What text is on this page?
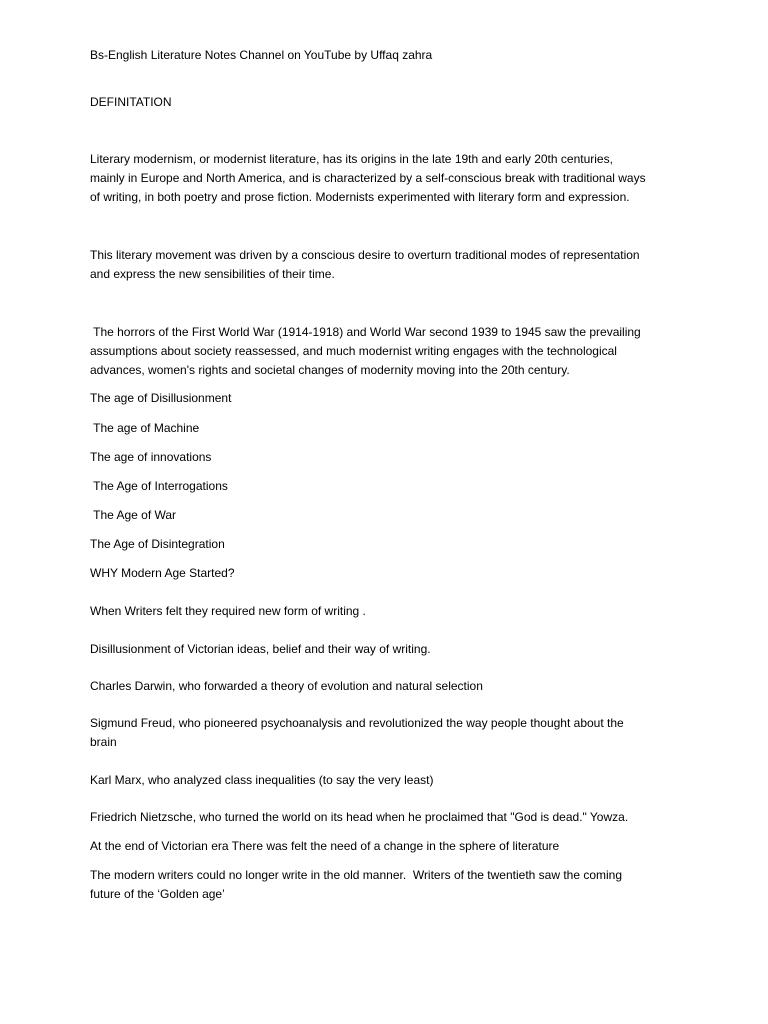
Bs-English Literature Notes Channel on YouTube by Uffaq zahra

DEFINITATION

Literary modernism, or modernist literature, has its origins in the late 19th and early 20th centuries,
mainly in Europe and North America, and is characterized by a self-conscious break with traditional ways
of writing, in both poetry and prose fiction. Modernists experimented with literary form and expression.
This literary movement was driven by a conscious desire to overturn traditional modes of representation
and express the new sensibilities of their time.
The horrors of the First World War (1914-1918) and World War second 1939 to 1945 saw the prevailing
assumptions about society reassessed, and much modernist writing engages with the technological
advances, women's rights and societal changes of modernity moving into the 20th century.

The age of Disillusionment

The age of Machine

The age of innovations

The Age of Interrogations

The Age of War

The Age of Disintegration

WHY Modern Age Started?

When Writers felt they required new form of writing .

Disillusionment of Victorian ideas, belief and their way of writing.

Charles Darwin, who forwarded a theory of evolution and natural selection

Sigmund Freud, who pioneered psychoanalysis and revolutionized the way people thought about the
brain

Karl Marx, who analyzed class inequalities (to say the very least)

Friedrich Nietzsche, who turned the world on its head when he proclaimed that "God is dead." Yowza.

At the end of Victorian era There was felt the need of a change in the sphere of literature

The modern writers could no longer write in the old manner.  Writers of the twentieth saw the coming
future of the ‘Golden age’
